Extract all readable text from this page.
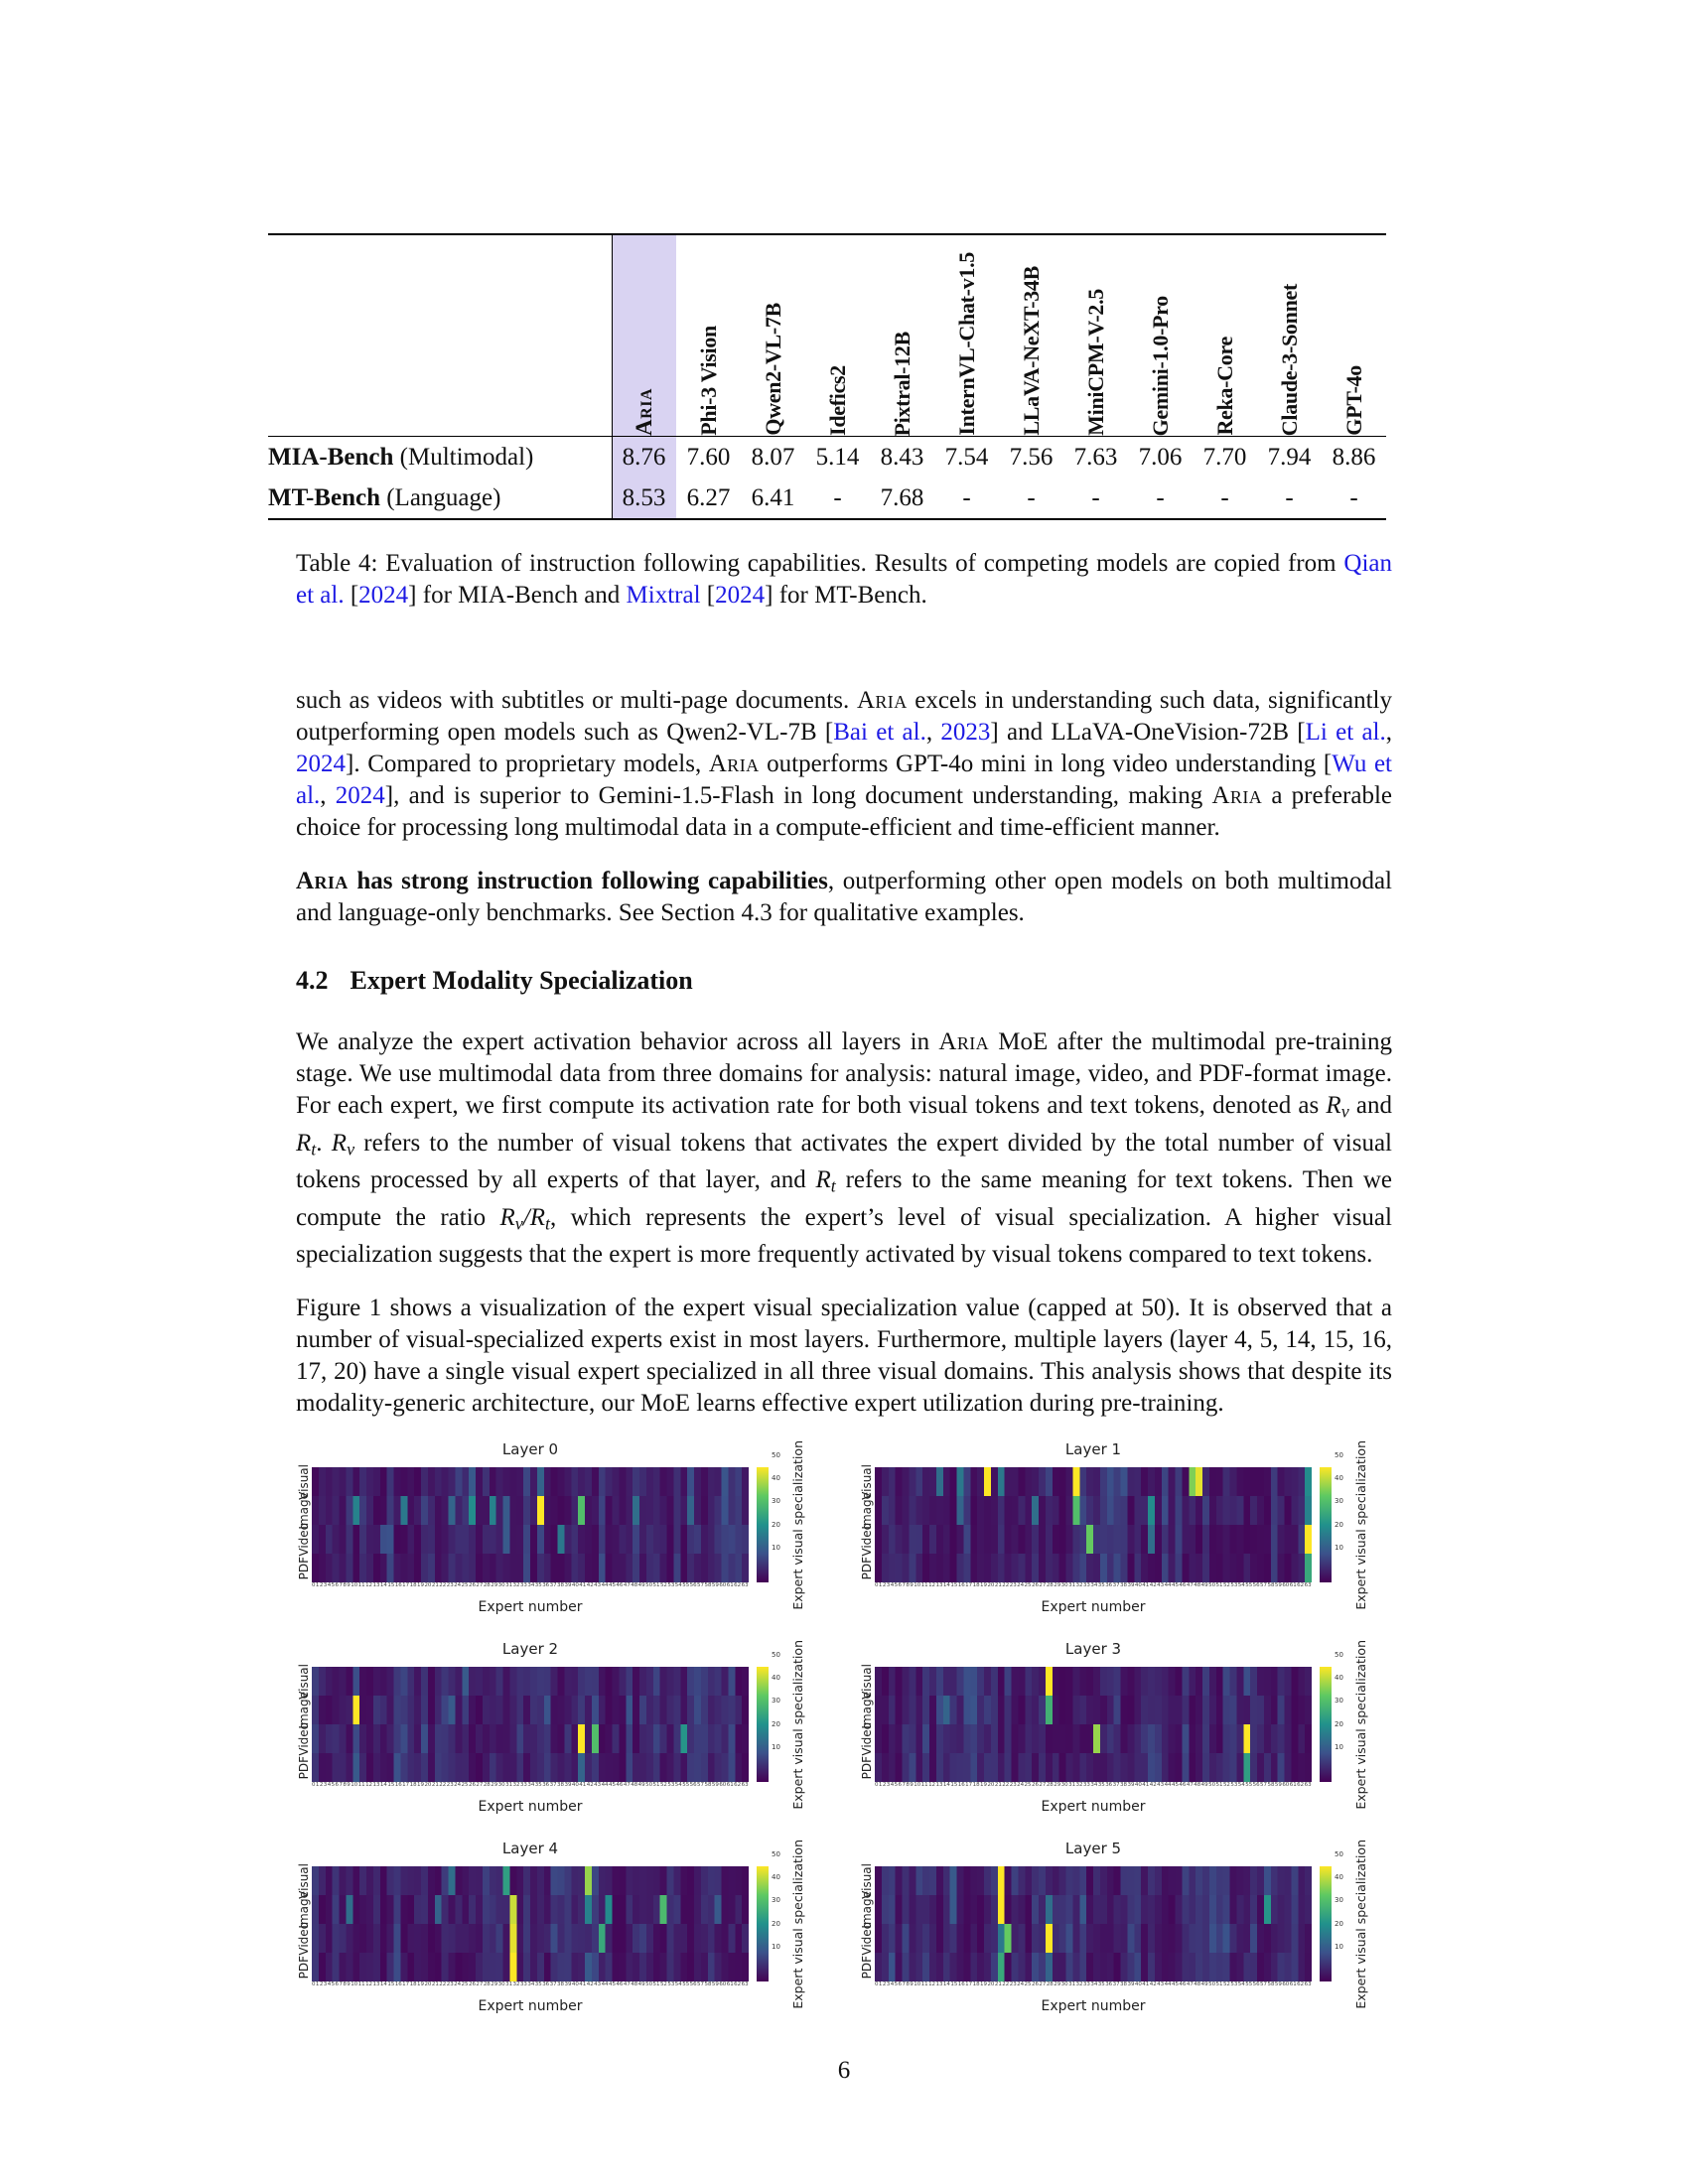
Aria Phi-3 Vision Qwen2-VL-7B Idefics2 Pixtral-12B InternVL-Chat-v1.5 LLaVA-NeXT-34B MiniCPM-V-2.5 Gemini-1.0-Pro Reka-Core Claude-3-Sonnet GPT-4o
MIA-Bench (Multimodal)	8.76 7.60 8.07 5.14 8.43 7.54 7.56 7.63 7.06 7.70 7.94 8.86
MT-Bench (Language)	8.53 6.27 6.41	-	7.68	-	-	-	-	-	-	-
Table 4: Evaluation of instruction following capabilities. Results of competing models are copied from Qian et al. [2024] for MIA-Bench and Mixtral [2024] for MT-Bench.

such as videos with subtitles or multi-page documents. Aria excels in understanding such data, significantly outperforming open models such as Qwen2-VL-7B [Bai et al., 2023] and LLaVA-OneVision-72B [Li et al., 2024]. Compared to proprietary models, Aria outperforms GPT-4o mini in long video understanding [Wu et al., 2024], and is superior to Gemini-1.5-Flash in long document understanding, making Aria a preferable choice for processing long multimodal data in a compute-efficient and time-efficient manner.

Aria has strong instruction following capabilities, outperforming other open models on both multimodal and language-only benchmarks. See Section 4.3 for qualitative examples.

4.2 Expert Modality Specialization

We analyze the expert activation behavior across all layers in Aria MoE after the multimodal pre-training stage. We use multimodal data from three domains for analysis: natural image, video, and PDF-format image. For each expert, we first compute its activation rate for both visual tokens and text tokens, denoted as Rv and Rt. Rv refers to the number of visual tokens that activates the expert divided by the total number of visual tokens processed by all experts of that layer, and Rt refers to the same meaning for text tokens. Then we compute the ratio Rv/Rt, which represents the expert’s level of visual specialization. A higher visual specialization suggests that the expert is more frequently activated by visual tokens compared to text tokens.

Figure 1 shows a visualization of the expert visual specialization value (capped at 50). It is observed that a number of visual-specialized experts exist in most layers. Furthermore, multiple layers (layer 4, 5, 14, 15, 16, 17, 20) have a single visual expert specialized in all three visual domains. This analysis shows that despite its modality-generic architecture, our MoE learns effective expert utilization during pre-training.

Layer 0
Visual
Image
Video
PDF
10
20
30
40
50 Expert visual specialization
0 1 2 3 4 5 6 7 8 9 10 11 12 13 14 15 16 17 18 19 20 21 22 23 24 25 26 27 28 29 30 31 32 33 34 35 36 37 38 39 40 41 42 43 44 45 46 47 48 49 50 51 52 53 54 55 56 57 58 59 60 61 62 63
Expert number
Layer 1
Visual
Image
Video
PDF
10
20
30
40
50 Expert visual specialization
0 1 2 3 4 5 6 7 8 9 10 11 12 13 14 15 16 17 18 19 20 21 22 23 24 25 26 27 28 29 30 31 32 33 34 35 36 37 38 39 40 41 42 43 44 45 46 47 48 49 50 51 52 53 54 55 56 57 58 59 60 61 62 63
Expert number
Layer 2
Visual
Image
Video
PDF
10
20
30
40
50 Expert visual specialization
0 1 2 3 4 5 6 7 8 9 10 11 12 13 14 15 16 17 18 19 20 21 22 23 24 25 26 27 28 29 30 31 32 33 34 35 36 37 38 39 40 41 42 43 44 45 46 47 48 49 50 51 52 53 54 55 56 57 58 59 60 61 62 63
Expert number
Layer 3
Visual
Image
Video
PDF
10
20
30
40
50 Expert visual specialization
0 1 2 3 4 5 6 7 8 9 10 11 12 13 14 15 16 17 18 19 20 21 22 23 24 25 26 27 28 29 30 31 32 33 34 35 36 37 38 39 40 41 42 43 44 45 46 47 48 49 50 51 52 53 54 55 56 57 58 59 60 61 62 63
Expert number
Layer 4
Visual
Image
Video
PDF
10
20
30
40
50 Expert visual specialization
0 1 2 3 4 5 6 7 8 9 10 11 12 13 14 15 16 17 18 19 20 21 22 23 24 25 26 27 28 29 30 31 32 33 34 35 36 37 38 39 40 41 42 43 44 45 46 47 48 49 50 51 52 53 54 55 56 57 58 59 60 61 62 63
Expert number
Layer 5
Visual
Image
Video
PDF
10
20
30
40
50 Expert visual specialization
0 1 2 3 4 5 6 7 8 9 10 11 12 13 14 15 16 17 18 19 20 21 22 23 24 25 26 27 28 29 30 31 32 33 34 35 36 37 38 39 40 41 42 43 44 45 46 47 48 49 50 51 52 53 54 55 56 57 58 59 60 61 62 63
Expert number
6
